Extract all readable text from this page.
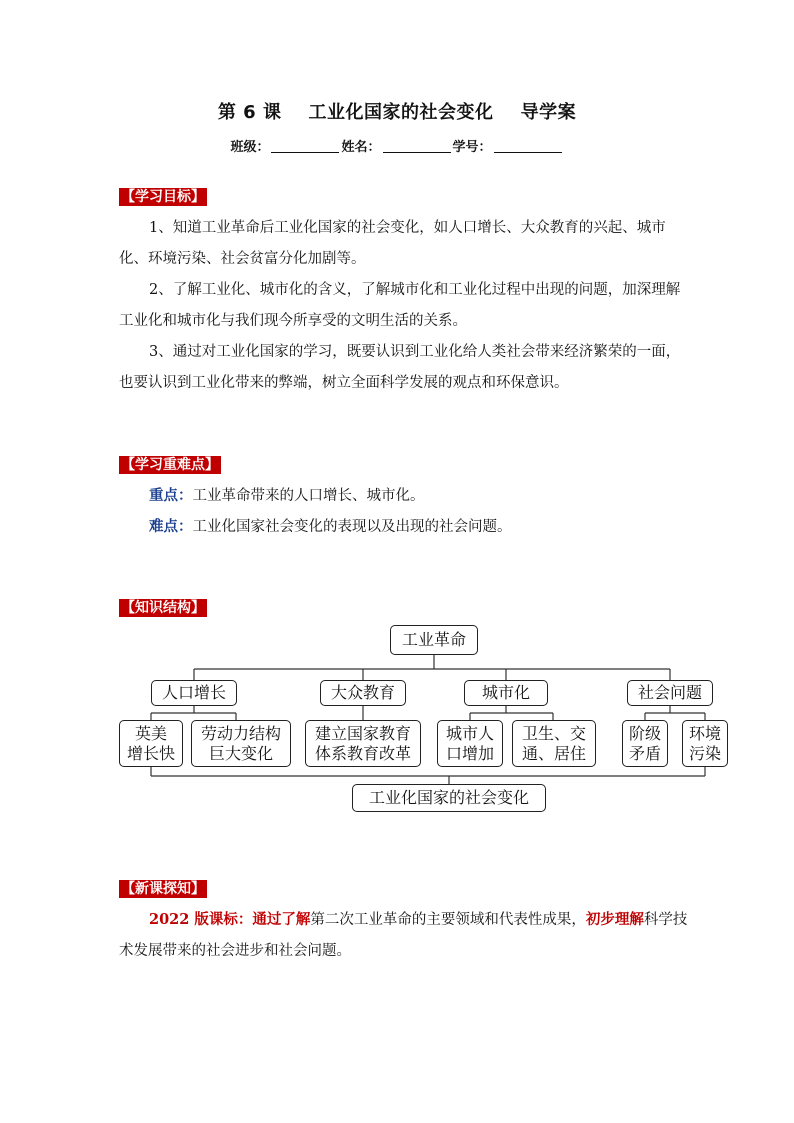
第 6 课    工业化国家的社会变化    导学案
班级：	姓名：	学号：
【学习目标】

1、知道工业革命后工业化国家的社会变化，如人口增长、大众教育的兴起、城市化、环境污染、社会贫富分化加剧等。

2、了解工业化、城市化的含义，了解城市化和工业化过程中出现的问题，加深理解工业化和城市化与我们现今所享受的文明生活的关系。

3、通过对工业化国家的学习，既要认识到工业化给人类社会带来经济繁荣的一面，也要认识到工业化带来的弊端，树立全面科学发展的观点和环保意识。

【学习重难点】

重点：工业革命带来的人口增长、城市化。

难点：工业化国家社会变化的表现以及出现的社会问题。

【知识结构】
工业革命
人口增长	大众教育	城市化	社会问题
英美
增长快
劳动力结构
巨大变化
建立国家教育
体系教育改革
城市人
口增加
卫生、交
通、居住
阶级
矛盾
环境
污染
工业化国家的社会变化
【新课探知】

2022 版课标：通过了解第二次工业革命的主要领域和代表性成果，初步理解科学技术发展带来的社会进步和社会问题。
